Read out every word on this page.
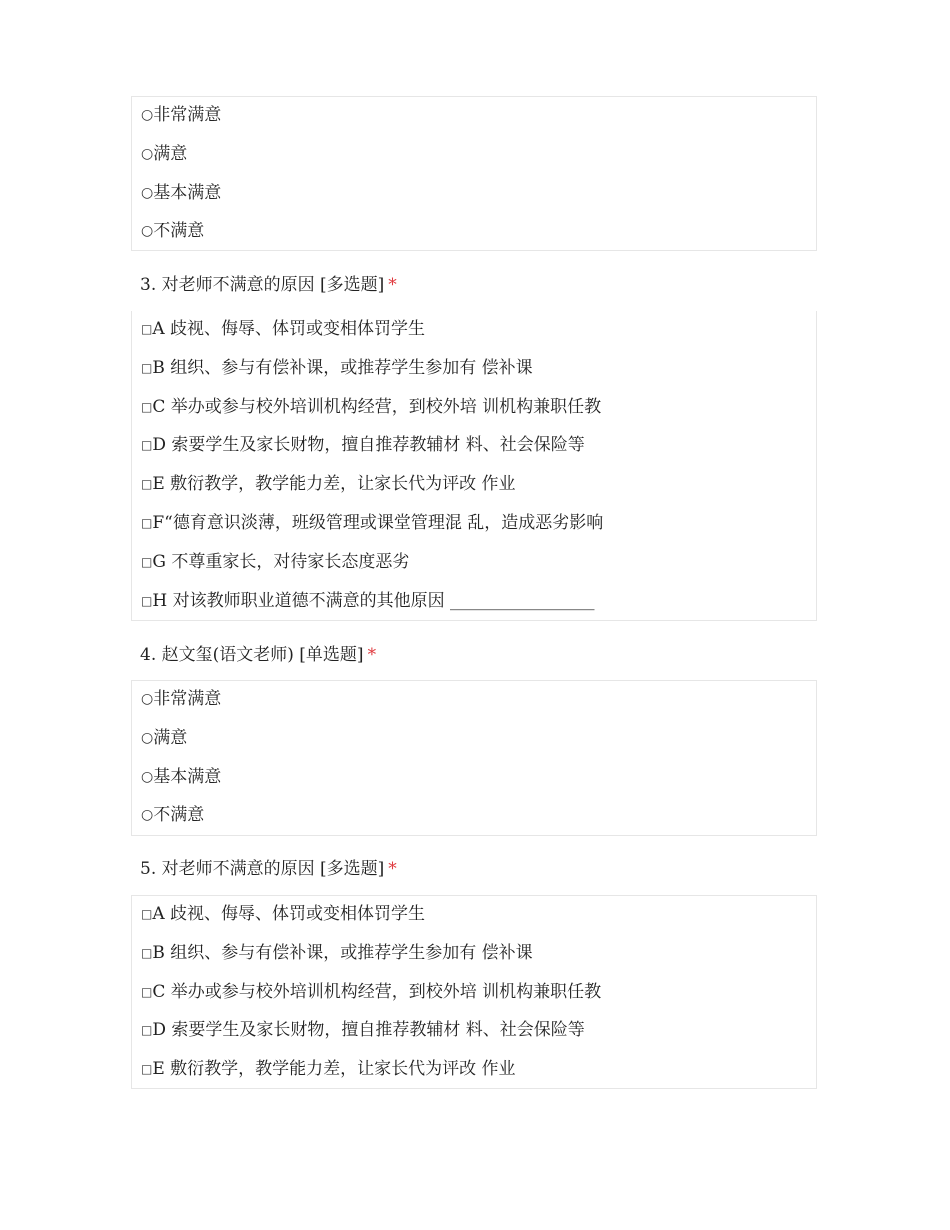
○ 非常满意
○ 满意
○ 基本满意
○ 不满意
3. 对老师不满意的原因 [多选题] *
□ A 歧视、侮辱、体罚或变相体罚学生
□ B 组织、参与有偿补课，或推荐学生参加有 偿补课
□ C 举办或参与校外培训机构经营，到校外培 训机构兼职任教
□ D 索要学生及家长财物，擅自推荐教辅材 料、社会保险等
□ E 敷衍教学，教学能力差，让家长代为评改 作业
□ F“德育意识淡薄，班级管理或课堂管理混 乱，造成恶劣影响
□ G 不尊重家长，对待家长态度恶劣
□ H 对该教师职业道德不满意的其他原因 _________________
4. 赵文玺(语文老师) [单选题] *
○ 非常满意
○ 满意
○ 基本满意
○ 不满意
5. 对老师不满意的原因 [多选题] *
□ A 歧视、侮辱、体罚或变相体罚学生
□ B 组织、参与有偿补课，或推荐学生参加有 偿补课
□ C 举办或参与校外培训机构经营，到校外培 训机构兼职任教
□ D 索要学生及家长财物，擅自推荐教辅材 料、社会保险等
□ E 敷衍教学，教学能力差，让家长代为评改 作业
